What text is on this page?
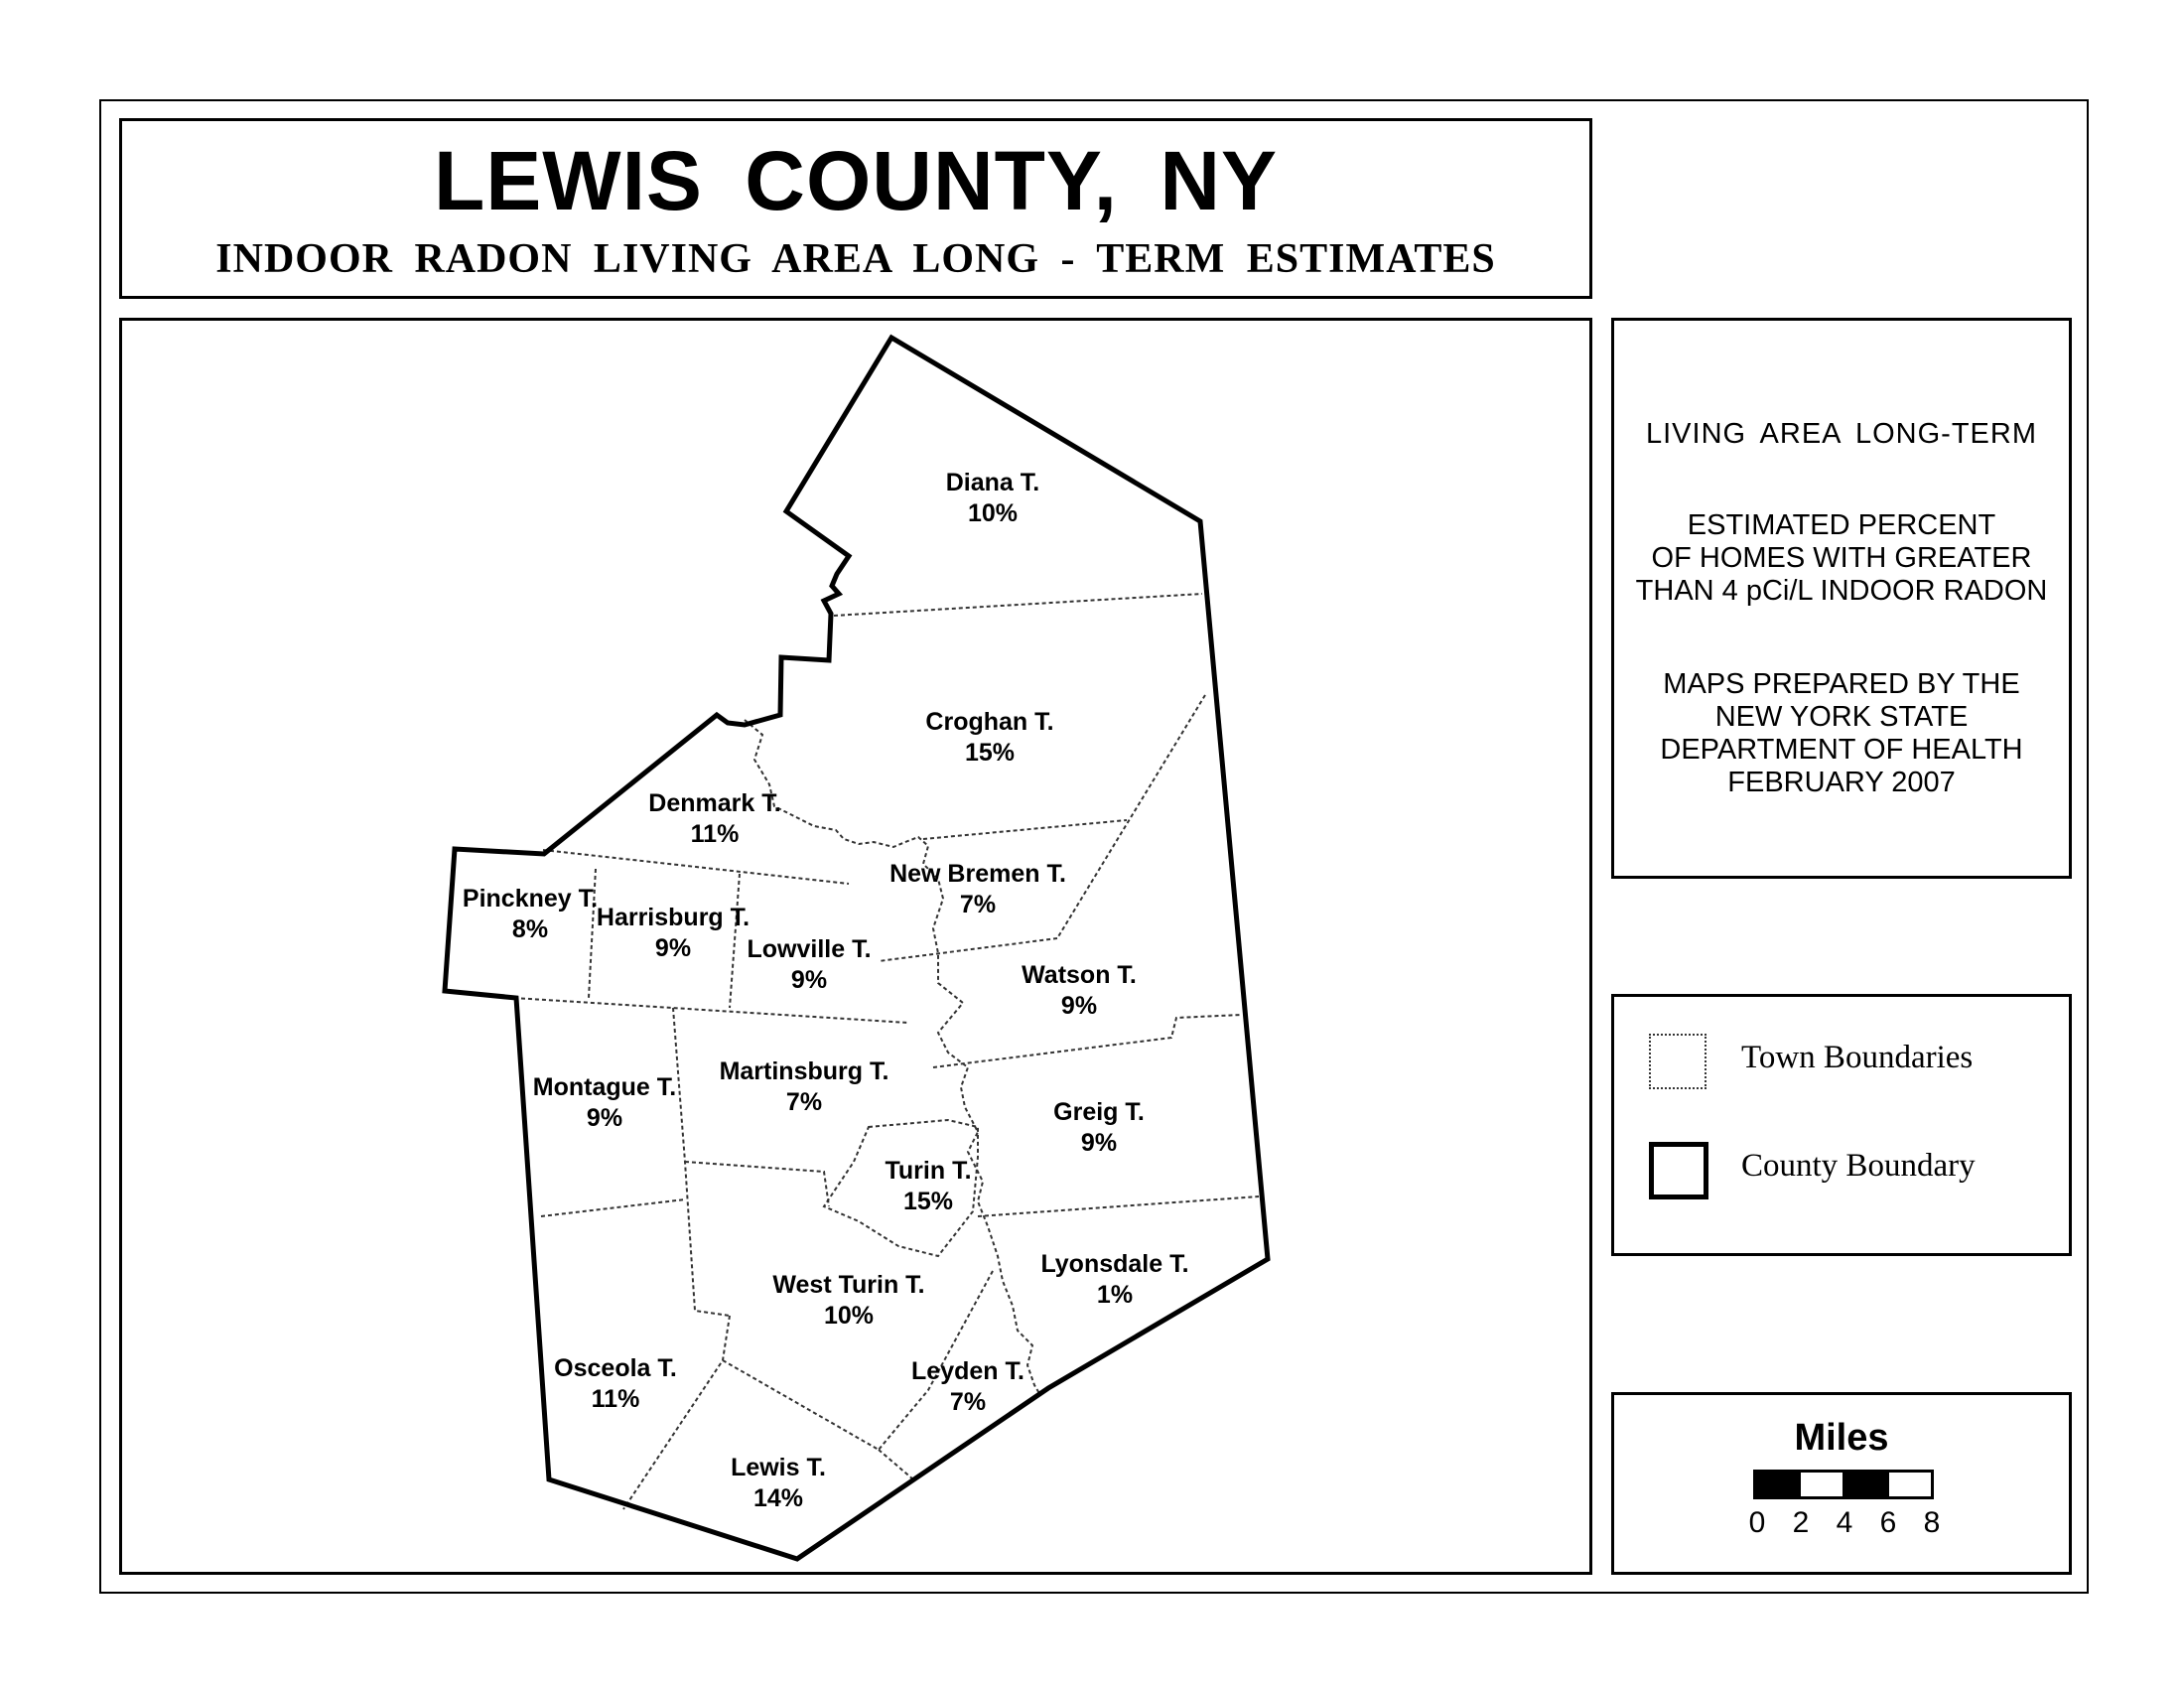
LEWIS COUNTY, NY
INDOOR RADON LIVING AREA LONG - TERM ESTIMATES
Diana T. 10%
Croghan T. 15%
Denmark T. 11%
New Bremen T. 7%
Pinckney T. 8%	Harrisburg T. 9%	Lowville T. 9%	Watson T. 9%
Montague T. 9%
Martinsburg T. 7%	Greig T. 9%
Turin T. 15%
West Turin T. 10%
Lyonsdale T. 1%
Osceola T. 11%
Leyden T. 7%
Lewis T. 14%
LIVING AREA LONG-TERM
ESTIMATED PERCENT
OF HOMES WITH GREATER
THAN 4 pCi/L INDOOR RADON
MAPS PREPARED BY THE
NEW YORK STATE
DEPARTMENT OF HEALTH
FEBRUARY 2007
Town Boundaries
County Boundary
Miles
0 2 4 6 8
